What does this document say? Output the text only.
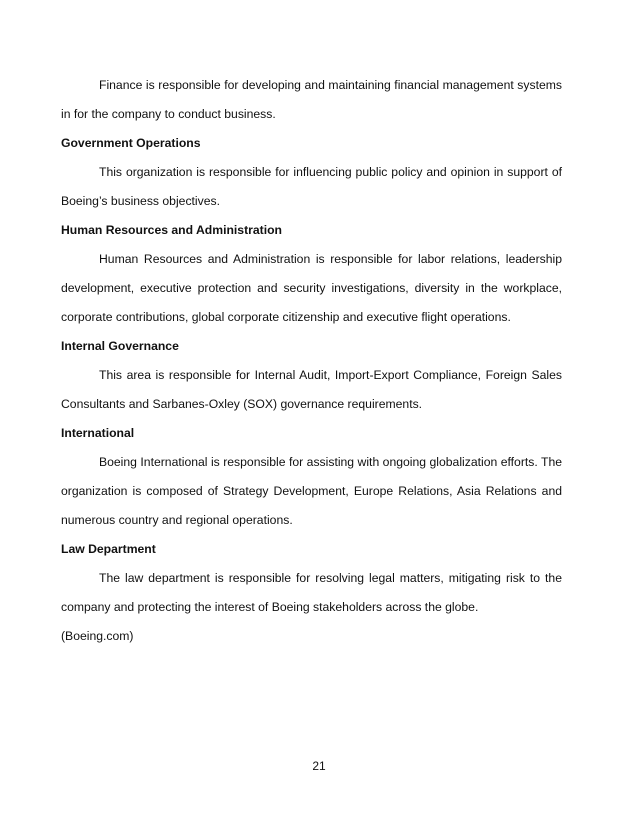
Finance is responsible for developing and maintaining financial management systems in for the company to conduct business.

Government Operations

This organization is responsible for influencing public policy and opinion in support of Boeing’s business objectives.

Human Resources and Administration

Human Resources and Administration is responsible for labor relations, leadership development, executive protection and security investigations, diversity in the workplace, corporate contributions, global corporate citizenship and executive flight operations.

Internal Governance

This area is responsible for Internal Audit, Import-Export Compliance, Foreign Sales Consultants and Sarbanes-Oxley (SOX) governance requirements.

International

Boeing International is responsible for assisting with ongoing globalization efforts. The organization is composed of Strategy Development, Europe Relations, Asia Relations and numerous country and regional operations.

Law Department

The law department is responsible for resolving legal matters, mitigating risk to the company and protecting the interest of Boeing stakeholders across the globe.

(Boeing.com)

21
